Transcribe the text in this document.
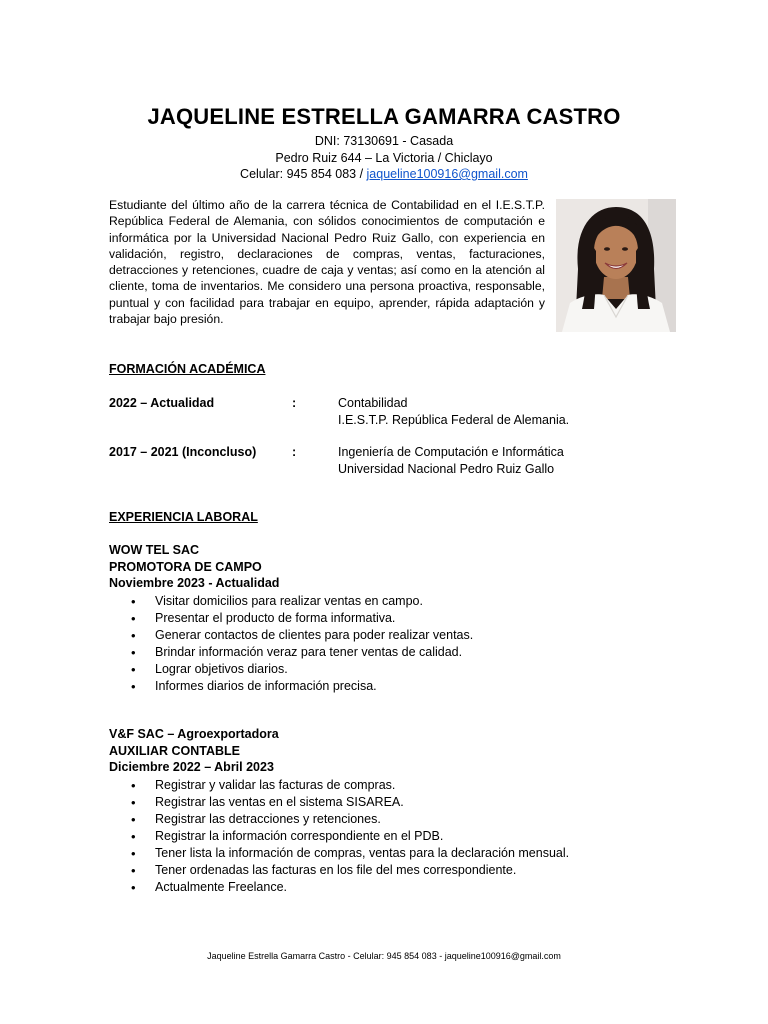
JAQUELINE ESTRELLA GAMARRA CASTRO
DNI: 73130691 - Casada
Pedro Ruiz 644 – La Victoria / Chiclayo
Celular: 945 854 083 / jaqueline100916@gmail.com
Estudiante del último año de la carrera técnica de Contabilidad en el I.E.S.T.P. República Federal de Alemania, con sólidos conocimientos de computación e informática por la Universidad Nacional Pedro Ruiz Gallo, con experiencia en validación, registro, declaraciones de compras, ventas, facturaciones, detracciones y retenciones, cuadre de caja y ventas; así como en la atención al cliente, toma de inventarios. Me considero una persona proactiva, responsable, puntual y con facilidad para trabajar en equipo, aprender, rápida adaptación y trabajar bajo presión.
FORMACIÓN ACADÉMICA
2022 – Actualidad	:	Contabilidad
I.E.S.T.P. República Federal de Alemania.
2017 – 2021 (Inconcluso)	:	Ingeniería de Computación e Informática
Universidad Nacional Pedro Ruiz Gallo
EXPERIENCIA LABORAL
WOW TEL SAC
PROMOTORA DE CAMPO
Noviembre 2023 - Actualidad
• Visitar domicilios para realizar ventas en campo.
• Presentar el producto de forma informativa.
• Generar contactos de clientes para poder realizar ventas.
• Brindar información veraz para tener ventas de calidad.
• Lograr objetivos diarios.
• Informes diarios de información precisa.
V&F SAC – Agroexportadora
AUXILIAR CONTABLE
Diciembre 2022 – Abril 2023
• Registrar y validar las facturas de compras.
• Registrar las ventas en el sistema SISAREA.
• Registrar las detracciones y retenciones.
• Registrar la información correspondiente en el PDB.
• Tener lista la información de compras, ventas para la declaración mensual.
• Tener ordenadas las facturas en los file del mes correspondiente.
• Actualmente Freelance.
Jaqueline Estrella Gamarra Castro - Celular: 945 854 083 - jaqueline100916@gmail.com
